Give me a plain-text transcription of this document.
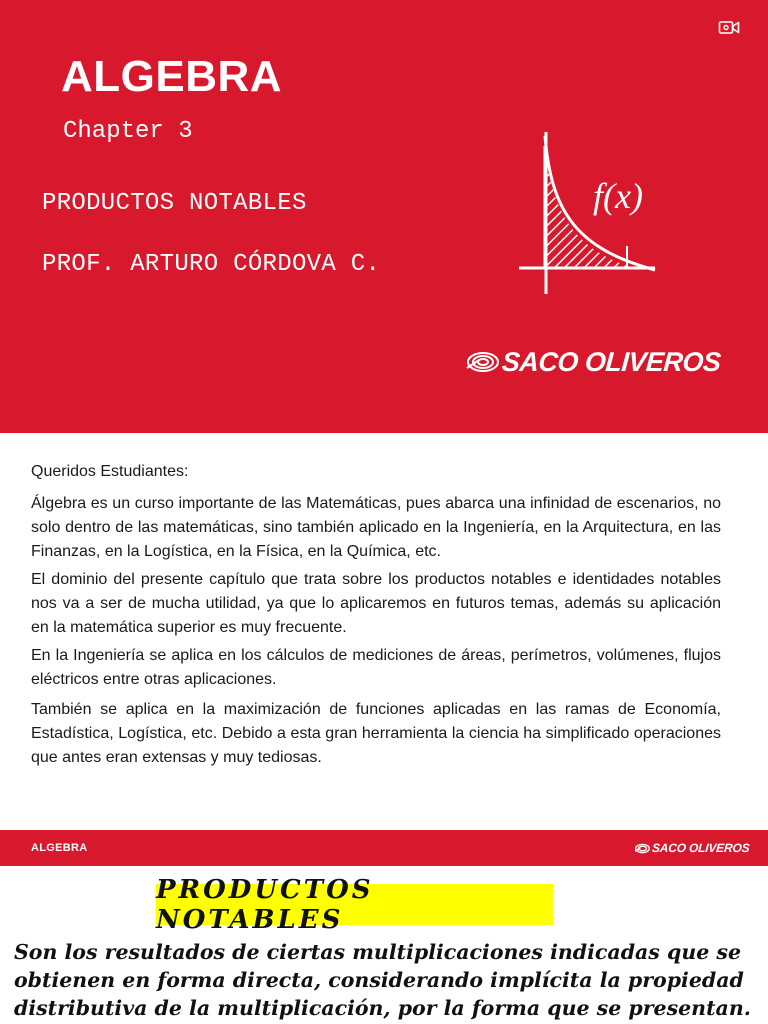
ALGEBRA
Chapter 3
PRODUCTOS NOTABLES
PROF. ARTURO CÓRDOVA C.
f(x)
SACO OLIVEROS

Queridos Estudiantes:

Álgebra es un curso importante de las Matemáticas, pues abarca una infinidad de escenarios, no solo dentro de las matemáticas, sino también aplicado en la Ingeniería, en la Arquitectura, en las Finanzas, en la Logística, en la Física, en la Química, etc.

El dominio del presente capítulo que trata sobre los productos notables e identidades notables nos va a ser de mucha utilidad, ya que lo aplicaremos en futuros temas, además su aplicación en la matemática superior es muy frecuente.

En la Ingeniería se aplica en los cálculos de mediciones de áreas, perímetros, volúmenes, flujos eléctricos entre otras aplicaciones.

También se aplica en la maximización de funciones aplicadas en las ramas de Economía, Estadística, Logística, etc. Debido a esta gran herramienta la ciencia ha simplificado operaciones que antes eran extensas y muy tediosas.

ALGEBRA	SACO OLIVEROS
PRODUCTOS NOTABLES
Son los resultados de ciertas multiplicaciones indicadas que se obtienen en forma directa, considerando implícita la propiedad distributiva de la multiplicación, por la forma que se presentan.
